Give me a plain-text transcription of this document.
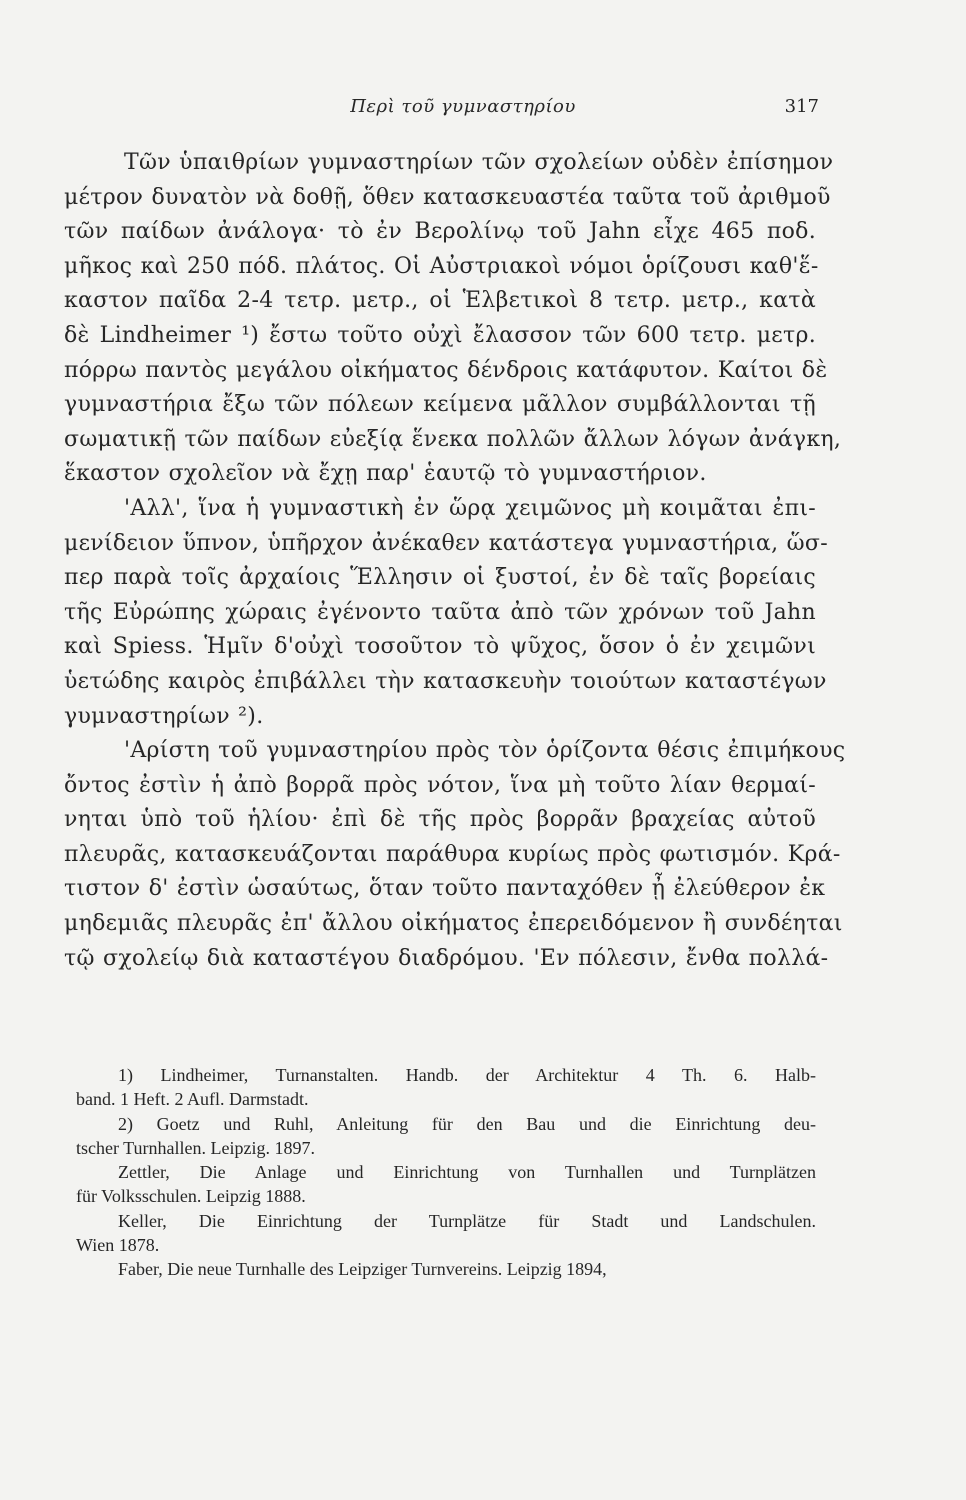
Περὶ τοῦ γυμναστηρίου	317
Τῶν ὑπαιθρίων γυμναστηρίων τῶν σχολείων οὐδὲν ἐπίσημον
μέτρον δυνατὸν νὰ δοθῇ, ὅθεν κατασκευαστέα ταῦτα τοῦ ἀριθμοῦ
τῶν παίδων ἀνάλογα· τὸ ἐν Βερολίνῳ τοῦ Jahn εἶχε 465 ποδ.
μῆκος καὶ 250 πόδ. πλάτος. Οἱ Αὐστριακοὶ νόμοι ὁρίζουσι καθ'ἕ-
καστον παῖδα 2-4 τετρ. μετρ., οἱ Ἑλβετικοὶ 8 τετρ. μετρ., κατὰ
δὲ Lindheimer ¹) ἔστω τοῦτο οὐχὶ ἔλασσον τῶν 600 τετρ. μετρ.
πόρρω παντὸς μεγάλου οἰκήματος δένδροις κατάφυτον. Καίτοι δὲ
γυμναστήρια ἔξω τῶν πόλεων κείμενα μᾶλλον συμβάλλονται τῇ
σωματικῇ τῶν παίδων εὐεξίᾳ ἕνεκα πολλῶν ἄλλων λόγων ἀνάγκη,
ἕκαστον σχολεῖον νὰ ἔχῃ παρ' ἑαυτῷ τὸ γυμναστήριον.
'Αλλ', ἵνα ἡ γυμναστικὴ ἐν ὥρᾳ χειμῶνος μὴ κοιμᾶται ἐπι-
μενίδειον ὕπνον, ὑπῆρχον ἀνέκαθεν κατάστεγα γυμναστήρια, ὥσ-
περ παρὰ τοῖς ἀρχαίοις Ἕλλησιν οἱ ξυστοί, ἐν δὲ ταῖς βορείαις
τῆς Εὐρώπης χώραις ἐγένοντο ταῦτα ἀπὸ τῶν χρόνων τοῦ Jahn
καὶ Spiess. Ἡμῖν δ'οὐχὶ τοσοῦτον τὸ ψῦχος, ὅσον ὁ ἐν χειμῶνι
ὑετώδης καιρὸς ἐπιβάλλει τὴν κατασκευὴν τοιούτων καταστέγων
γυμναστηρίων ²).
'Αρίστη τοῦ γυμναστηρίου πρὸς τὸν ὁρίζοντα θέσις ἐπιμήκους
ὄντος ἐστὶν ἡ ἀπὸ βορρᾶ πρὸς νότον, ἵνα μὴ τοῦτο λίαν θερμαί-
νηται ὑπὸ τοῦ ἡλίου· ἐπὶ δὲ τῆς πρὸς βορρᾶν βραχείας αὐτοῦ
πλευρᾶς, κατασκευάζονται παράθυρα κυρίως πρὸς φωτισμόν. Κρά-
τιστον δ' ἐστὶν ὡσαύτως, ὅταν τοῦτο πανταχόθεν ᾖ ἐλεύθερον ἐκ
μηδεμιᾶς πλευρᾶς ἐπ' ἄλλου οἰκήματος ἐπερειδόμενον ἢ συνδέηται
τῷ σχολείῳ διὰ καταστέγου διαδρόμου. 'Εν πόλεσιν, ἔνθα πολλά-
1) Lindheimer, Turnanstalten. Handb. der Architektur 4 Th. 6. Halb-
band. 1 Heft. 2 Aufl. Darmstadt.
2) Goetz und Ruhl, Anleitung für den Bau und die Einrichtung deu-
tscher Turnhallen. Leipzig. 1897.
Zettler, Die Anlage und Einrichtung von Turnhallen und Turnplätzen
für Volksschulen. Leipzig 1888.
Keller, Die Einrichtung der Turnplätze für Stadt und Landschulen.
Wien 1878.
Faber, Die neue Turnhalle des Leipziger Turnvereins. Leipzig 1894,
